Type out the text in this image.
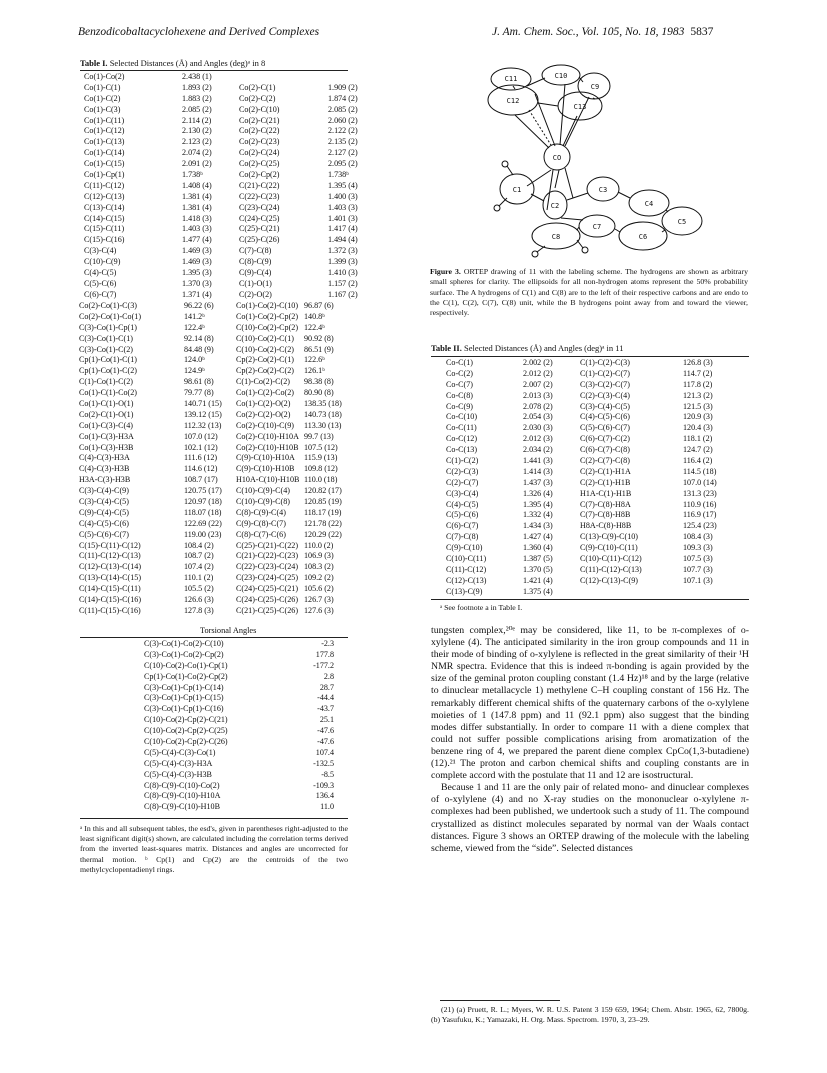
Benzodicobaltacyclohexene and Derived Complexes	J. Am. Chem. Soc., Vol. 105, No. 18, 1983 5837
Table I. Selected Distances (Å) and Angles (deg)ᵃ in 8
Co(1)-Co(2)
Co(1)-C(1)
Co(1)-C(2)
Co(1)-C(3)
Co(1)-C(11)
Co(1)-C(12)
Co(1)-C(13)
Co(1)-C(14)
Co(1)-C(15)
Co(1)-Cp(1)
C(11)-C(12)
C(12)-C(13)
C(13)-C(14)
C(14)-C(15)
C(15)-C(11)
C(15)-C(16)
C(3)-C(4)
C(10)-C(9)
C(4)-C(5)
C(5)-C(6)
C(6)-C(7)
2.438 (1)
1.893 (2)
1.883 (2)
2.085 (2)
2.114 (2)
2.130 (2)
2.123 (2)
2.074 (2)
2.091 (2)
1.738ᵇ
1.408 (4)
1.381 (4)
1.381 (4)
1.418 (3)
1.403 (3)
1.477 (4)
1.469 (3)
1.469 (3)
1.395 (3)
1.370 (3)
1.371 (4)
Co(2)-C(1)
Co(2)-C(2)
Co(2)-C(10)
Co(2)-C(21)
Co(2)-C(22)
Co(2)-C(23)
Co(2)-C(24)
Co(2)-C(25)
Co(2)-Cp(2)
C(21)-C(22)
C(22)-C(23)
C(23)-C(24)
C(24)-C(25)
C(25)-C(21)
C(25)-C(26)
C(7)-C(8)
C(8)-C(9)
C(9)-C(4)
C(1)-O(1)
C(2)-O(2)
1.909 (2)
1.874 (2)
2.085 (2)
2.060 (2)
2.122 (2)
2.135 (2)
2.127 (2)
2.095 (2)
1.738ᵇ
1.395 (4)
1.400 (3)
1.403 (3)
1.401 (3)
1.417 (4)
1.494 (4)
1.372 (3)
1.399 (3)
1.410 (3)
1.157 (2)
1.167 (2)
Co(2)-Co(1)-C(3)
Co(2)-Co(1)-Co(1)
C(3)-Co(1)-Cp(1)
C(3)-Co(1)-C(1)
C(3)-Co(1)-C(2)
Cp(1)-Co(1)-C(1)
Cp(1)-Co(1)-C(2)
C(1)-Co(1)-C(2)
Co(1)-C(1)-Co(2)
Co(1)-C(1)-O(1)
Co(2)-C(1)-O(1)
Co(1)-C(3)-C(4)
Co(1)-C(3)-H3A
Co(1)-C(3)-H3B
C(4)-C(3)-H3A
C(4)-C(3)-H3B
H3A-C(3)-H3B
C(3)-C(4)-C(9)
C(3)-C(4)-C(5)
C(9)-C(4)-C(5)
C(4)-C(5)-C(6)
C(5)-C(6)-C(7)
C(15)-C(11)-C(12)
C(11)-C(12)-C(13)
C(12)-C(13)-C(14)
C(13)-C(14)-C(15)
C(14)-C(15)-C(11)
C(14)-C(15)-C(16)
C(11)-C(15)-C(16)
96.22 (6)
141.2ᵇ
122.4ᵇ
92.14 (8)
84.48 (9)
124.0ᵇ
124.9ᵇ
98.61 (8)
79.77 (8)
140.71 (15)
139.12 (15)
112.32 (13)
107.0 (12)
102.1 (12)
111.6 (12)
114.6 (12)
108.7 (17)
120.75 (17)
120.97 (18)
118.07 (18)
122.69 (22)
119.00 (23)
108.4 (2)
108.7 (2)
107.4 (2)
110.1 (2)
105.5 (2)
126.6 (3)
127.8 (3)
Co(1)-Co(2)-C(10)
Co(1)-Co(2)-Cp(2)
C(10)-Co(2)-Cp(2)
C(10)-Co(2)-C(1)
C(10)-Co(2)-C(2)
Cp(2)-Co(2)-C(1)
Cp(2)-Co(2)-C(2)
C(1)-Co(2)-C(2)
Co(1)-C(2)-Co(2)
Co(1)-C(2)-O(2)
Co(2)-C(2)-O(2)
Co(2)-C(10)-C(9)
Co(2)-C(10)-H10A
Co(2)-C(10)-H10B
C(9)-C(10)-H10A
C(9)-C(10)-H10B
H10A-C(10)-H10B
C(10)-C(9)-C(4)
C(10)-C(9)-C(8)
C(8)-C(9)-C(4)
C(9)-C(8)-C(7)
C(8)-C(7)-C(6)
C(25)-C(21)-C(22)
C(21)-C(22)-C(23)
C(22)-C(23)-C(24)
C(23)-C(24)-C(25)
C(24)-C(25)-C(21)
C(24)-C(25)-C(26)
C(21)-C(25)-C(26)
96.87 (6)
140.8ᵇ
122.4ᵇ
90.92 (8)
86.51 (9)
122.6ᵇ
126.1ᵇ
98.38 (8)
80.90 (8)
138.35 (18)
140.73 (18)
113.30 (13)
99.7 (13)
107.5 (12)
115.9 (13)
109.8 (12)
110.0 (18)
120.82 (17)
120.85 (19)
118.17 (19)
121.78 (22)
120.29 (22)
110.0 (2)
106.9 (3)
108.3 (2)
109.2 (2)
105.6 (2)
126.7 (3)
127.6 (3)
Torsional Angles
C(3)-Co(1)-Co(2)-C(10)
C(3)-Co(1)-Co(2)-Cp(2)
C(10)-Co(2)-Co(1)-Cp(1)
Cp(1)-Co(1)-Co(2)-Cp(2)
C(3)-Co(1)-Cp(1)-C(14)
C(3)-Co(1)-Cp(1)-C(15)
C(3)-Co(1)-Cp(1)-C(16)
C(10)-Co(2)-Cp(2)-C(21)
C(10)-Co(2)-Cp(2)-C(25)
C(10)-Co(2)-Cp(2)-C(26)
C(5)-C(4)-C(3)-Co(1)
C(5)-C(4)-C(3)-H3A
C(5)-C(4)-C(3)-H3B
C(8)-C(9)-C(10)-Co(2)
C(8)-C(9)-C(10)-H10A
C(8)-C(9)-C(10)-H10B
-2.3
177.8
-177.2
2.8
28.7
-44.4
-43.7
25.1
-47.6
-47.6
107.4
-132.5
-8.5
-109.3
136.4
11.0
ᵃ In this and all subsequent tables, the esd's, given in parentheses right-adjusted to the least significant digit(s) shown, are calculated including the correlation terms derived from the inverted least-squares matrix. Distances and angles are uncorrected for thermal motion. ᵇ Cp(1) and Cp(2) are the centroids of the two methylcyclopentadienyl rings.
C11	C10
C9
C12
C13
CO
C1
C2
C3
C4
C5
C6
C7
C8
Figure 3. ORTEP drawing of 11 with the labeling scheme. The hydrogens are shown as arbitrary small spheres for clarity. The ellipsoids for all non-hydrogen atoms represent the 50% probability surface. The A hydrogens of C(1) and C(8) are to the left of their respective carbons and are endo to the C(1), C(2), C(7), C(8) unit, while the B hydrogens point away from and toward the viewer, respectively.
Table II. Selected Distances (Å) and Angles (deg)ᵃ in 11
Co-C(1)
Co-C(2)
Co-C(7)
Co-C(8)
Co-C(9)
Co-C(10)
Co-C(11)
Co-C(12)
Co-C(13)
C(1)-C(2)
C(2)-C(3)
C(2)-C(7)
C(3)-C(4)
C(4)-C(5)
C(5)-C(6)
C(6)-C(7)
C(7)-C(8)
C(9)-C(10)
C(10)-C(11)
C(11)-C(12)
C(12)-C(13)
C(13)-C(9)
2.002 (2)
2.012 (2)
2.007 (2)
2.013 (3)
2.078 (2)
2.054 (3)
2.030 (3)
2.012 (3)
2.034 (2)
1.441 (3)
1.414 (3)
1.437 (3)
1.326 (4)
1.395 (4)
1.332 (4)
1.434 (3)
1.427 (4)
1.360 (4)
1.387 (5)
1.370 (5)
1.421 (4)
1.375 (4)
C(1)-C(2)-C(3)
C(1)-C(2)-C(7)
C(3)-C(2)-C(7)
C(2)-C(3)-C(4)
C(3)-C(4)-C(5)
C(4)-C(5)-C(6)
C(5)-C(6)-C(7)
C(6)-C(7)-C(2)
C(6)-C(7)-C(8)
C(2)-C(7)-C(8)
C(2)-C(1)-H1A
C(2)-C(1)-H1B
H1A-C(1)-H1B
C(7)-C(8)-H8A
C(7)-C(8)-H8B
H8A-C(8)-H8B
C(13)-C(9)-C(10)
C(9)-C(10)-C(11)
C(10)-C(11)-C(12)
C(11)-C(12)-C(13)
C(12)-C(13)-C(9)
126.8 (3)
114.7 (2)
117.8 (2)
121.3 (2)
121.5 (3)
120.9 (3)
120.4 (3)
118.1 (2)
124.7 (2)
116.4 (2)
114.5 (18)
107.0 (14)
131.3 (23)
110.9 (16)
116.9 (17)
125.4 (23)
108.4 (3)
109.3 (3)
107.5 (3)
107.7 (3)
107.1 (3)
ᵃ See footnote a in Table I.

tungsten complex,²⁰ᵉ may be considered, like 11, to be π-complexes of o-xylylene (4). The anticipated similarity in the iron group compounds and 11 in their mode of binding of o-xylylene is reflected in the great similarity of their ¹H NMR spectra. Evidence that this is indeed π-bonding is again provided by the size of the geminal proton coupling constant (1.4 Hz)¹⁸ and by the large (relative to dinuclear metallacycle 1) methylene C–H coupling constant of 156 Hz. The remarkably different chemical shifts of the quaternary carbons of the o-xylylene moieties of 1 (147.8 ppm) and 11 (92.1 ppm) also suggest that the binding modes differ substantially. In order to compare 11 with a diene complex that could not suffer possible complications arising from aromatization of the benzene ring of 4, we prepared the parent diene complex CpCo(1,3-butadiene) (12).²¹ The proton and carbon chemical shifts and coupling constants are in complete accord with the postulate that 11 and 12 are isostructural.

Because 1 and 11 are the only pair of related mono- and dinuclear complexes of o-xylylene (4) and no X-ray studies on the mononuclear o-xylylene π-complexes had been published, we undertook such a study of 11. The compound crystallized as distinct molecules separated by normal van der Waals contact distances. Figure 3 shows an ORTEP drawing of the molecule with the labeling scheme, viewed from the “side”. Selected distances

(21) (a) Pruett, R. L.; Myers, W. R. U.S. Patent 3 159 659, 1964; Chem. Abstr. 1965, 62, 7800g. (b) Yasufuku, K.; Yamazaki, H. Org. Mass. Spectrom. 1970, 3, 23–29.
